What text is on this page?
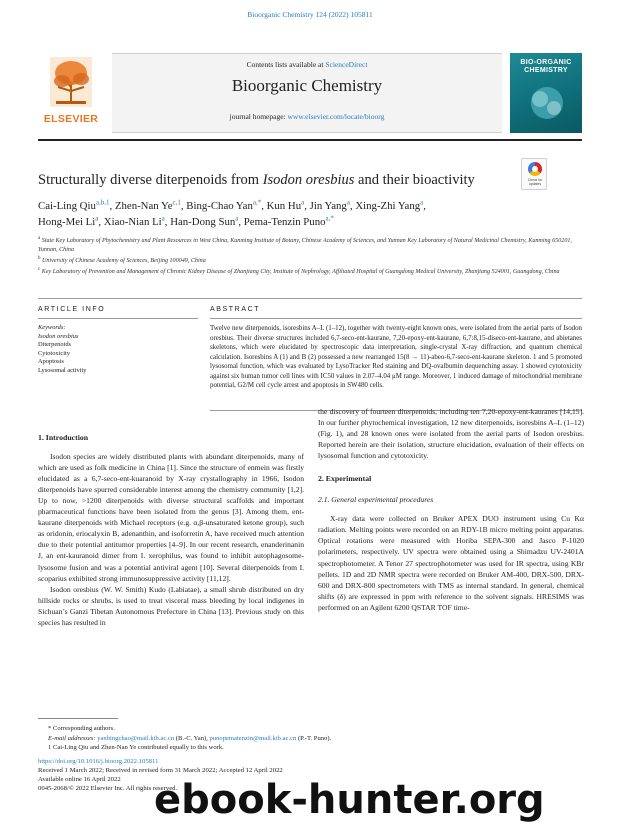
Bioorganic Chemistry 124 (2022) 105811
ELSEVIER
Contents lists available at ScienceDirect
Bioorganic Chemistry
journal homepage: www.elsevier.com/locate/bioorg
BIO-ORGANIC CHEMISTRY
Structurally diverse diterpenoids from Isodon oresbius and their bioactivity	Check for updates
Cai-Ling Qiu$^{a,b,1}$, Zhen-Nan Ye$^{c,1}$, Bing-Chao Yan$^{a,*}$, Kun Hu$^a$, Jin Yang$^a$, Xing-Zhi Yang$^a$,
Hong-Mei Li$^a$, Xiao-Nian Li$^a$, Han-Dong Sun$^a$, Pema-Tenzin Puno$^{a,*}$
$^a$ State Key Laboratory of Phytochemistry and Plant Resources in West China, Kunming Institute of Botany, Chinese Academy of Sciences, and Yunnan Key Laboratory of Natural Medicinal Chemistry, Kunming 650201, Yunnan, China
$^b$ University of Chinese Academy of Sciences, Beijing 100049, China
$^c$ Key Laboratory of Prevention and Management of Chronic Kidney Disease of Zhanjiang City, Institute of Nephrology, Affiliated Hospital of Guangdong Medical University, Zhanjiang 524001, Guangdong, China
ARTICLE INFO	ABSTRACT
Keywords:
Isodon oresbius
Diterpenoids
Cytotoxicity
Apoptosis
Lysosomal activity
Twelve new diterpenoids, isoresbins A–L (1–12), together with twenty-eight known ones, were isolated from the aerial parts of Isodon oresbius. Their diverse structures included 6,7-seco-ent-kaurane, 7,20-epoxy-ent-kaurane, 6,7:8,15-diseco-ent-kaurane, and abietanes skeletons, which were elucidated by spectroscopic data interpretation, single-crystal X-ray diffraction, and quantum chemical calculation. Isoresbins A (1) and B (2) possessed a new rearranged 15(8 → 11)-abeo-6,7-seco-ent-kaurane skeleton. 1 and 5 promoted lysosomal function, which was evaluated by LysoTracker Red staining and DQ-ovalbumin dequenching assay. 1 showed cytotoxicity against six human tumor cell lines with IC50 values in 2.07–4.04 μM range. Moreover, 1 induced damage of mitochondrial membrane potential, G2/M cell cycle arrest and apoptosis in SW480 cells.
1. Introduction

Isodon species are widely distributed plants with abundant diterpenoids, many of which are used as folk medicine in China [1]. Since the structure of enmein was firstly elucidated as a 6,7-seco-ent-kuaranoid by X-ray crystallography in 1966, Isodon diterpenoids have spurred considerable interest among the chemistry community [1,2]. Up to now, >1200 diterpenoids with diverse structural scaffolds and important pharmaceutical functions have been isolated from the genus [3]. Among them, ent-kaurane diterpenoids with Michael receptors (e.g. α,β-unsaturated ketone group), such as oridonin, eriocalyxin B, adenanthin, and isoforretin A, have received much attention due to their potential antitumor properties [4–9]. In our recent research, enanderinanin J, an ent-kauranoid dimer from I. xerophilus, was found to inhibit autophagosome-lysosome fusion and was a potential antiviral agent [10]. Several diterpenoids from I. scoparius exhibited strong immunosuppressive activity [11,12].

Isodon oresbius (W. W. Smith) Kudo (Labiatae), a small shrub distributed on dry hillside rocks or shrubs, is used to treat visceral mass bleeding by local indigenes in Sichuan’s Ganzi Tibetan Autonomous Prefecture in China [13]. Previous study on this species has resulted in

the discovery of fourteen diterpenoids, including ten 7,20-epoxy-ent-kauranes [14,15]. In our further phytochemical investigation, 12 new diterpenoids, isoresbins A–L (1–12) (Fig. 1), and 28 known ones were isolated from the aerial parts of Isodon oresbius. Reported herein are their isolation, structure elucidation, evaluation of their effects on lysosomal function and cytotoxicity.

2. Experimental
2.1. General experimental procedures

X-ray data were collected on Bruker APEX DUO instrument using Cu Kα radiation. Melting points were recorded on an RDY-1B micro melting point apparatus. Optical rotations were measured with Horiba SEPA-300 and Jasco P-1020 polarimeters, respectively. UV spectra were obtained using a Shimadzu UV-2401A spectrophotometer. A Tenor 27 spectrophotometer was used for IR spectra, using KBr pellets. 1D and 2D NMR spectra were recorded on Bruker AM-400, DRX-500, DRX-600 and DRX-800 spectrometers with TMS as internal standard. In general, chemical shifts (δ) are expressed in ppm with reference to the solvent signals. HRESIMS was performed on an Agilent 6200 QSTAR TOF time-

* Corresponding authors.
E-mail addresses: yanbingchao@mail.kib.ac.cn (B.-C. Yan), punopematenzin@mail.kib.ac.cn (P.-T. Puno).
1 Cai-Ling Qiu and Zhen-Nan Ye contributed equally to this work.
https://doi.org/10.1016/j.bioorg.2022.105811
Received 1 March 2022; Received in revised form 31 March 2022; Accepted 12 April 2022
Available online 16 April 2022
0045-2068/© 2022 Elsevier Inc. All rights reserved.
ebook-hunter.org
